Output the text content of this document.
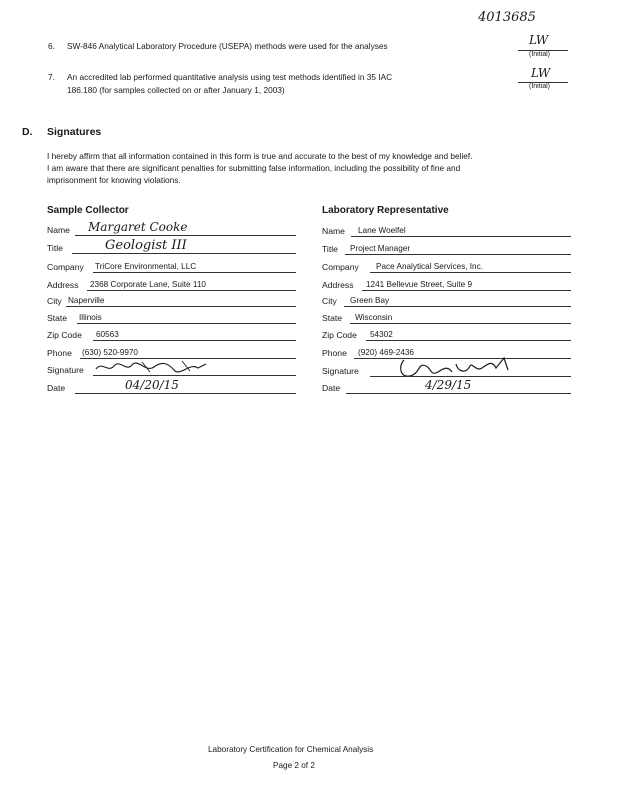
4013685
6. SW-846 Analytical Laboratory Procedure (USEPA) methods were used for the analyses	LW
(Initial)
7. An accredited lab performed quantitative analysis using test methods identified in 35 IAC
186.180 (for samples collected on or after January 1, 2003)
LW
(Initial)
D. Signatures
I hereby affirm that all information contained in this form is true and accurate to the best of my knowledge and belief.
I am aware that there are significant penalties for submitting false information, including the possibility of fine and
imprisonment for knowing violations.
Sample Collector	Laboratory Representative
Name Margaret Cooke
Title	Geologist III
Company TriCore Environmental, LLC
Address 2368 Corporate Lane, Suite 110
City Naperville
State Illinois
Zip Code 60563
Phone (630) 520-9970
Signature
Date	04/20/15
Name Lane Woelfel
Title Project Manager
Company Pace Analytical Services, Inc.
Address 1241 Bellevue Street, Suite 9
City Green Bay
State Wisconsin
Zip Code 54302
Phone (920) 469-2436
Signature
Date	4/29/15
Laboratory Certification for Chemical Analysis
Page 2 of 2
